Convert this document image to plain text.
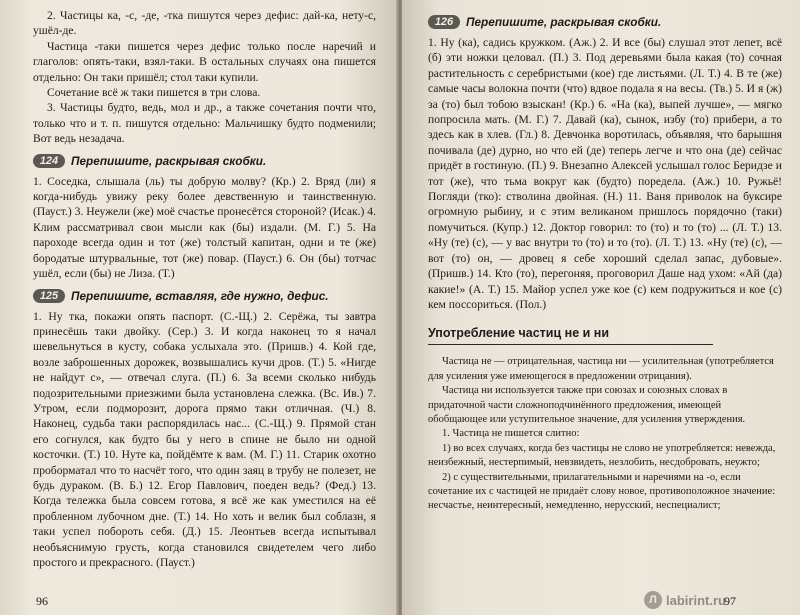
2. Частицы ка, -с, -де, -тка пишутся через дефис: дай-ка, нету-с, ушёл-де.

Частица -таки пишется через дефис только после наречий и глаголов: опять-таки, взял-таки. В остальных случаях она пишется отдельно: Он таки пришёл; стол таки купили.

Сочетание всё ж таки пишется в три слова.

3. Частицы будто, ведь, мол и др., а также сочетания почти что, только что и т. п. пишутся отдельно: Мальчишку будто подменили; Вот ведь незадача.

124	Перепишите, раскрывая скобки.

1. Соседка, слышала (ль) ты добрую молву? (Кр.) 2. Вряд (ли) я когда-нибудь увижу реку более девственную и таинственную. (Пауст.) 3. Неужели (же) моё счастье пронесётся стороной? (Исак.) 4. Клим рассматривал свои мысли как (бы) издали. (М. Г.) 5. На пароходе всегда один и тот (же) толстый капитан, одни и те (же) бородатые штурвальные, тот (же) повар. (Пауст.) 6. Он (бы) тотчас ушёл, если (бы) не Лиза. (Т.)

125	Перепишите, вставляя, где нужно, дефис.

1. Ну тка, покажи опять паспорт. (С.-Щ.) 2. Серёжа, ты завтра принесёшь таки двойку. (Сер.) 3. И когда наконец то я начал шевельнуться в кусту, собака услыхала это. (Пришв.) 4. Кой где, возле заброшенных дорожек, возвышались кучи дров. (Т.) 5. «Нигде не найдут с», — отвечал слуга. (П.) 6. За всеми сколько нибудь подозрительными приезжими была установлена слежка. (Вс. Ив.) 7. Утром, если подморозит, дорога прямо таки отличная. (Ч.) 8. Наконец, судьба таки распорядилась нас... (С.-Щ.) 9. Прямой стан его согнулся, как будто бы у него в спине не было ни одной косточки. (Т.) 10. Нуте ка, пойдёмте к вам. (М. Г.) 11. Старик охотно проборматал что то насчёт того, что один заяц в трубу не полезет, не будь дураком. (В. Б.) 12. Егор Павлович, поеден ведь? (Фед.) 13. Когда тележка была совсем готова, я всё же как уместился на её пробленном лубочном дне. (Т.) 14. Но хоть и велик был соблазн, я таки успел побороть себя. (Д.) 15. Леонтьев всегда испытывал необъяснимую грусть, когда становился свидетелем чего либо простого и прекрасного. (Пауст.)

96
126	Перепишите, раскрывая скобки.

1. Ну (ка), садись кружком. (Аж.) 2. И все (бы) слушал этот лепет, всё (б) эти ножки целовал. (П.) 3. Под деревьями была какая (то) сочная растительность с серебристыми (кое) где листьями. (Л. Т.) 4. В те (же) самые часы волокна почти (что) вдвое подала я на весы. (Тв.) 5. И я (ж) за (то) был тобою взыскан! (Кр.) 6. «На (ка), выпей лучше», — мягко попросила мать. (М. Г.) 7. Давай (ка), сынок, избу (то) прибери, а то здесь как в хлев. (Гл.) 8. Девчонка воротилась, объявляя, что барышня почивала (де) дурно, но что ей (де) теперь легче и что она (де) сейчас придёт в гостиную. (П.) 9. Внезапно Алексей услышал голос Беридзе и тот (же), что тьма вокруг как (будто) поредела. (Аж.) 10. Ружьё! Погляди (тко): стволина двойная. (Н.) 11. Ваня приволок на буксире огромную рыбину, и с этим великаном пришлось порядочно (таки) помучиться. (Купр.) 12. Доктор говорил: то (то) и то (то) ... (Л. Т.) 13. «Ну (те) (с), — у вас внутри то (то) и то (то). (Л. Т.) 13. «Ну (те) (с), — вот (то) он, — дровец я себе хороший сделал запас, дубовые». (Пришв.) 14. Кто (то), перегоняя, проговорил Даше над ухом: «Ай (да) какие!» (А. Т.) 15. Майор успел уже кое (с) кем подружиться и кое (с) кем поссориться. (Пол.)

Употребление частиц не и ни

Частица не — отрицательная, частица ни — усилительная (употребляется для усиления уже имеющегося в предложении отрицания).

Частица ни используется также при союзах и союзных словах в придаточной части сложноподчинённого предложения, имеющей обобщающее или уступительное значение, для усиления утверждения.

1. Частица не пишется слитно:

1) во всех случаях, когда без частицы не слово не употребляется: невежда, неизбежный, нестерпимый, невзвидеть, незлобить, несдобровать, неужто;

2) с существительными, прилагательными и наречиями на -о, если сочетание их с частицей не придаёт слову новое, противоположное значение: несчастье, неинтересный, немедленно, нерусский, неспециалист;

97
Л labirint.ru
